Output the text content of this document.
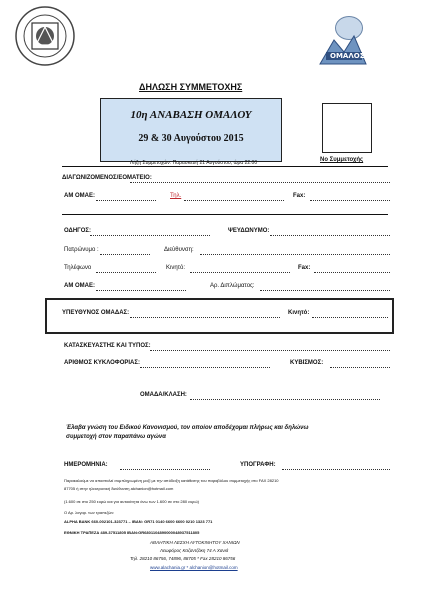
ΟΜΑΛΟΣ
ΔΗΛΩΣΗ ΣΥΜΜΕΤΟΧΗΣ
10η ΑΝΑΒΑΣΗ ΟΜΑΛΟΥ
29 & 30 Αυγούστου 2015
Λήξη Συμμετοχών: Παρασκευή 21 Αυγούστου, ώρα 22:00	Νο Συμμετοχής
ΔΙΑΓΩΝΙΖΟΜΕΝΟΣ/ΕΟΜΑΤΕΙΟ:
ΑΜ ΟΜΑΕ:	Τηλ.	Fax:
ΟΔΗΓΟΣ:	ΨΕΥΔΩΝΥΜΟ:
Πατρώνυμο :	Διεύθυνση:
Τηλέφωνο	Κινητό:	Fax:
ΑΜ ΟΜΑΕ:	Αρ. Διπλώματος:
ΥΠΕΥΘΥΝΟΣ ΟΜΑΔΑΣ:	Κινητό:
ΚΑΤΑΣΚΕΥΑΣΤΗΣ ΚΑΙ ΤΥΠΟΣ:
ΑΡΙΘΜΟΣ ΚΥΚΛΟΦΟΡΙΑΣ:	ΚΥΒΙΣΜΟΣ:
ΟΜΑΔΑ/ΚΛΑΣΗ:
Έλαβα γνώση του Ειδικού Κανονισμού, τον οποίον αποδέχομαι πλήρως και δηλώνω
συμμετοχή στον παραπάνω αγώνα
ΗΜΕΡΟΜΗΝΙΑ:	ΥΠΟΓΡΑΦΗ:
Παρακαλούμε να αποσταλεί συμπληρωμένη μαζί με την απόδειξη κατάθεσης του παραβόλου συμμετοχής στο FAX 28210
87705 ή στην ηλεκτρονική διεύθυνση alchanion@hotmail.com
(1.600 σε στο 250 ευρώ και για αυτοκίνητα άνω των 1.600 σε στο 280 ευρώ)
Ο Αρ. λογαρ. των τραπεζών:
ALPHA BANK 660-002101-323771 – IBAN: GR71 0140 6600 6600 0210 1323 771
ΕΘΝΙΚΗ ΤΡΑΠΕΖΑ 489-37511805 IBAN:GR6801104890000048937511805
ΑΘΛΗΤΙΚΗ ΛΕΣΧΗ ΑΥΤΟΚΙΝΗΤΟΥ ΧΑΝΙΩΝ
Λεωφόρος Καζαντζάκη 74 Α Χανιά
Τηλ. 28210 86756, 74896, 88705 * Fax 28210 86756
www.alachania.gr * alchanion@hotmail.com
